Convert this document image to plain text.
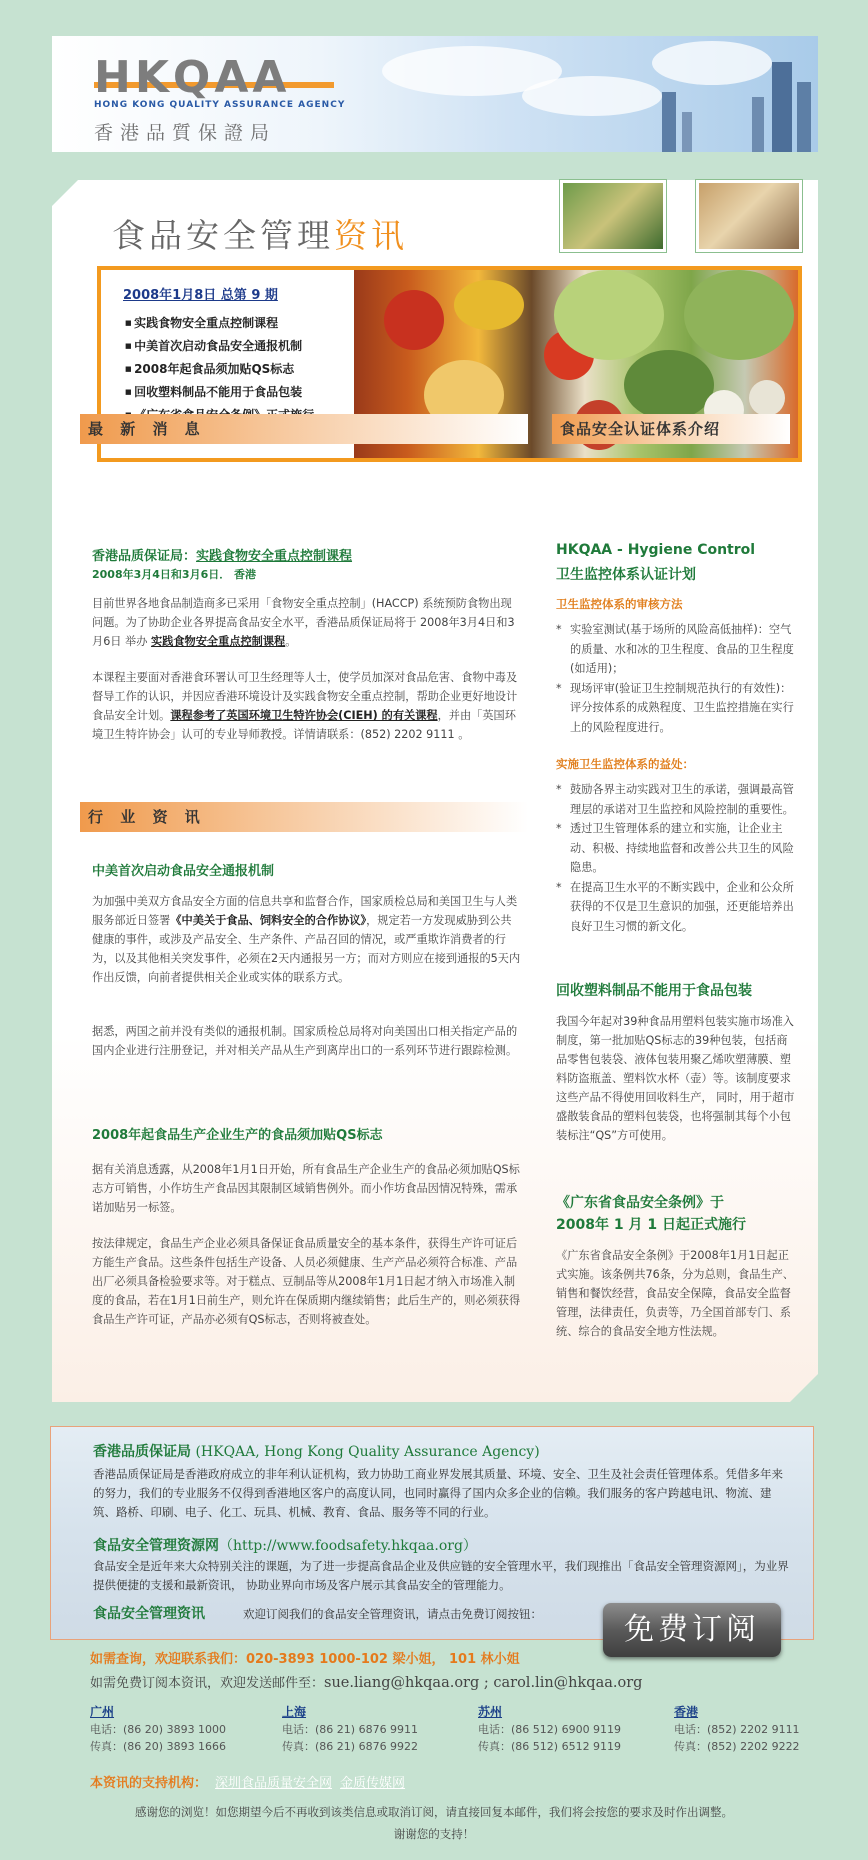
HKQAA
HONG KONG QUALITY ASSURANCE AGENCY
香港品質保證局
食品安全管理资讯
2008年1月8日 总第 9 期
■ 实践食物安全重点控制课程
■ 中美首次启动食品安全通报机制
■ 2008年起食品须加贴QS标志
■ 回收塑料制品不能用于食品包装
■
■
最 新 消 息
香港品质保证局：实践食物安全重点控制课程
2008年3月4日和3月6日． 香港
目前世界各地食品制造商多已采用「食物安全重点控制」(HACCP) 系统预防食物出现问题。为了协助企业各界提高食品安全水平，香港品质保证局将于 2008年3月4日和3月6日 举办 实践食物安全重点控制课程。
本课程主要面对香港食环署认可卫生经理等人士，使学员加深对食品危害、食物中毒及督导工作的认识，并因应香港环境设计及实践食物安全重点控制，帮助企业更好地设计食品安全计划。课程参考了英国环境卫生特许协会(CIEH) 的有关课程，并由「英国环境卫生特许协会」认可的专业导师教授。详情请联系：(852) 2202 9111 。
行 业 资 讯
中美首次启动食品安全通报机制
为加强中美双方食品安全方面的信息共享和监督合作，国家质检总局和美国卫生与人类服务部近日签署《中美关于食品、饲料安全的合作协议》，规定若一方发现威胁到公共健康的事件，或涉及产品安全、生产条件、产品召回的情况，或严重欺诈消费者的行为，以及其他相关突发事件，必须在2天内通报另一方；而对方则应在接到通报的5天内作出反馈，向前者提供相关企业或实体的联系方式。
据悉，两国之前并没有类似的通报机制。国家质检总局将对向美国出口相关指定产品的国内企业进行注册登记，并对相关产品从生产到离岸出口的一系列环节进行跟踪检测。
2008年起食品生产企业生产的食品须加贴QS标志
据有关消息透露，从2008年1月1日开始，所有食品生产企业生产的食品必须加贴QS标志方可销售，小作坊生产食品因其限制区域销售例外。而小作坊食品因情况特殊，需承诺加贴另一标签。
按法律规定，食品生产企业必须具备保证食品质量安全的基本条件，获得生产许可证后方能生产食品。这些条件包括生产设备、人员必须健康、生产产品必须符合标准、产品出厂必须具备检验要求等。对于糕点、豆制品等从2008年1月1日起才纳入市场准入制度的食品，若在1月1日前生产，则允许在保质期内继续销售；此后生产的，则必须获得食品生产许可证，产品亦必须有QS标志，否则将被查处。
食品安全认证体系介绍
HKQAA - Hygiene Control
卫生监控体系认证计划
卫生监控体系的审核方法
* 实验室测试(基于场所的风险高低抽样)：空气的质量、水和冰的卫生程度、食品的卫生程度 (如适用)；
* 现场评审(验证卫生控制规范执行的有效性)：评分按体系的成熟程度、卫生监控措施在实行上的风险程度进行。
实施卫生监控体系的益处：
* 鼓励各界主动实践对卫生的承诺，强调最高管理层的承诺对卫生监控和风险控制的重要性。
* 透过卫生管理体系的建立和实施，让企业主动、积极、持续地监督和改善公共卫生的风险隐患。
* 在提高卫生水平的不断实践中，企业和公众所获得的不仅是卫生意识的加强，还更能培养出良好卫生习惯的新文化。
回收塑料制品不能用于食品包装
我国今年起对39种食品用塑料包装实施市场准入制度，第一批加贴QS标志的39种包装，包括商品零售包装袋、液体包装用聚乙烯吹塑薄膜、塑料防盗瓶盖、塑料饮水杯（壶）等。该制度要求这些产品不得使用回收料生产， 同时，用于超市盛散装食品的塑料包装袋，也将强制其每个小包装标注“QS”方可使用。
《广东省食品安全条例》于
2008年 1 月 1 日起正式施行
《广东省食品安全条例》于2008年1月1日起正式实施。该条例共76条，分为总则，食品生产、销售和餐饮经营，食品安全保障，食品安全监督管理，法律责任，负责等，乃全国首部专门、系统、综合的食品安全地方性法规。
香港品质保证局 (HKQAA, Hong Kong Quality Assurance Agency)
香港品质保证局是香港政府成立的非年利认证机构，致力协助工商业界发展其质量、环境、安全、卫生及社会责任管理体系。凭借多年来的努力，我们的专业服务不仅得到香港地区客户的高度认同，也同时赢得了国内众多企业的信赖。我们服务的客户跨越电讯、物流、建筑、路桥、印刷、电子、化工、玩具、机械、教育、食品、服务等不同的行业。
食品安全管理资源网（http://www.foodsafety.hkqaa.org）
食品安全是近年来大众特别关注的课题，为了进一步提高食品企业及供应链的安全管理水平，我们现推出「食品安全管理资源网」，为业界提供便捷的支援和最新资讯， 协助业界向市场及客户展示其食品安全的管理能力。
食品安全管理资讯	欢迎订阅我们的食品安全管理资讯，请点击免费订阅按钮：	免费订阅
如需查询，欢迎联系我们：020-3893 1000-102 梁小姐， 101 林小姐
如需免费订阅本资讯，欢迎发送邮件至：sue.liang@hkqaa.org ; carol.lin@hkqaa.org
广州
电话：(86 20) 3893 1000
传真：(86 20) 3893 1666
上海
电话：(86 21) 6876 9911
传真：(86 21) 6876 9922
苏州
电话：(86 512) 6900 9119
传真：(86 512) 6512 9119
香港
电话：(852) 2202 9111
传真：(852) 2202 9222
本资讯的支持机构： 深圳食品质量安全网 金质传媒网
感谢您的浏览！如您期望今后不再收到该类信息或取消订阅，请直接回复本邮件，我们将会按您的要求及时作出调整。
谢谢您的支持！
